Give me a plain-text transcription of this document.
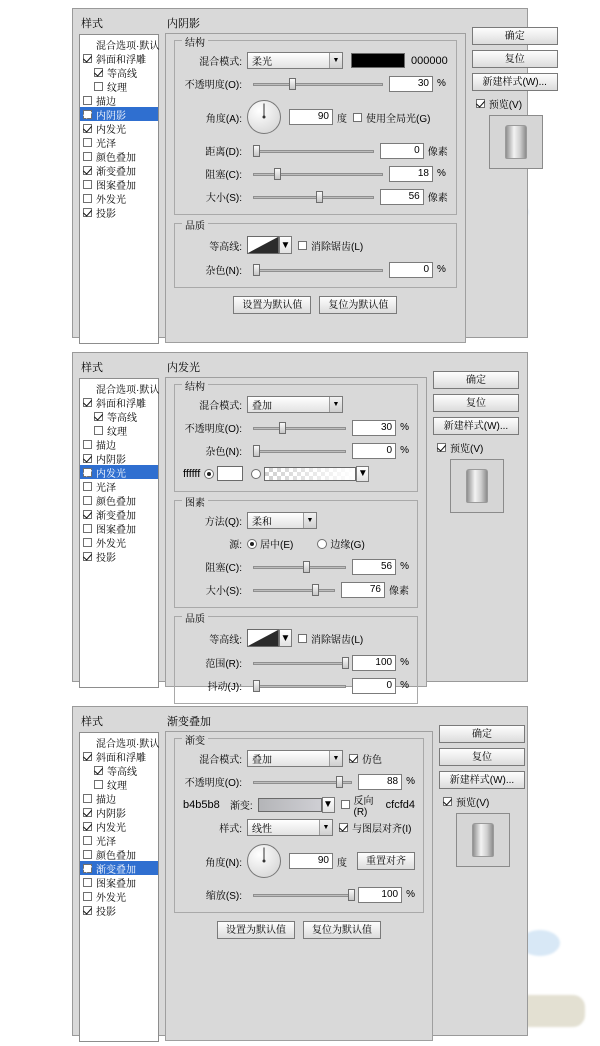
样式
混合选项·默认
斜面和浮雕
等高线
纹理
描边
内阴影
内发光
光泽
颜色叠加
渐变叠加
图案叠加
外发光
投影
内阴影
结构
混合模式:	柔光	▼	000000
不透明度(O):	30 %
角度(A):	90 度 使用全局光(G)
距离(D):	0 像素
阻塞(C):	18 %
大小(S):	56 像素
品质
等高线:	▼ 消除锯齿(L)
杂色(N):	0 %
设置为默认值	复位为默认值
确定
复位
新建样式(W)...
预览(V)
样式
混合选项·默认
斜面和浮雕
等高线
纹理
描边
内阴影
内发光
光泽
颜色叠加
渐变叠加
图案叠加
外发光
投影
内发光
结构
混合模式:	叠加	▼
不透明度(O):	30 %
杂色(N):	0 %
ffffff	▼
图素
方法(Q):	柔和	▼
源:	居中(E)	边缘(G)
阻塞(C):	56 %
大小(S):	76 像素
品质
等高线:	▼ 消除锯齿(L)
范围(R):	100 %
抖动(J):	0 %
确定
复位
新建样式(W)...
预览(V)
样式
混合选项·默认
斜面和浮雕
等高线
纹理
描边
内阴影
内发光
光泽
颜色叠加
渐变叠加
图案叠加
外发光
投影
渐变叠加
渐变
混合模式:	叠加	▼ 仿色
不透明度(O):	88 %
b4b5b8	渐变:	▼ 反向(R)
cfcfd4
样式:	线性	▼ 与图层对齐(I)
角度(N):	90 度	重置对齐
缩放(S):	100 %
设置为默认值	复位为默认值
确定
复位
新建样式(W)...
预览(V)
